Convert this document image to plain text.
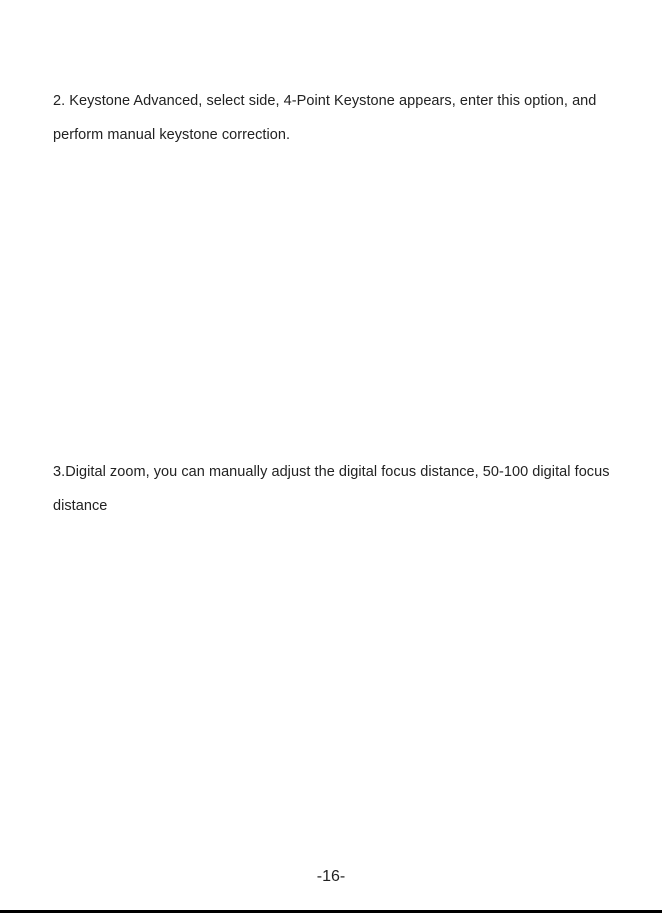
2. Keystone Advanced, select side, 4-Point Keystone appears, enter this option, and perform manual keystone correction.

3.Digital zoom, you can manually adjust the digital focus distance, 50-100 digital focus distance

-16-
